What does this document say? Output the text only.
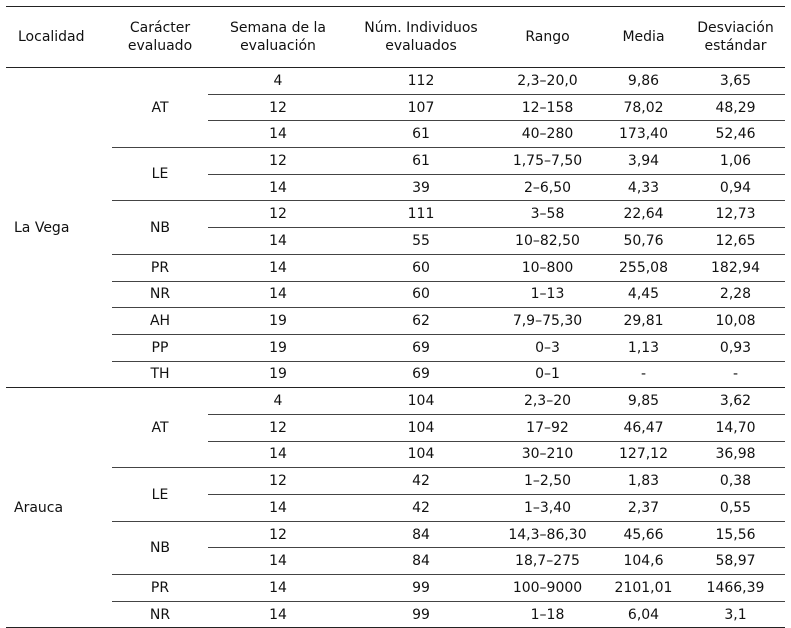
Localidad	Carácter evaluado	Semana de la evaluación	Núm. Individuos evaluados	Rango	Media	Desviación estándar
La Vega	AT	4	112	2,3–20,0	9,86	3,65
		12	107	12–158	78,02	48,29
		14	61	40–280	173,40	52,46
	LE	12	61	1,75–7,50	3,94	1,06
		14	39	2–6,50	4,33	0,94
	NB	12	111	3–58	22,64	12,73
		14	55	10–82,50	50,76	12,65
	PR	14	60	10–800	255,08	182,94
	NR	14	60	1–13	4,45	2,28
	AH	19	62	7,9–75,30	29,81	10,08
	PP	19	69	0–3	1,13	0,93
	TH	19	69	0–1	-	-
Arauca	AT	4	104	2,3–20	9,85	3,62
		12	104	17–92	46,47	14,70
		14	104	30–210	127,12	36,98
	LE	12	42	1–2,50	1,83	0,38
		14	42	1–3,40	2,37	0,55
	NB	12	84	14,3–86,30	45,66	15,56
		14	84	18,7–275	104,6	58,97
	PR	14	99	100–9000	2101,01	1466,39
	NR	14	99	1–18	6,04	3,1
